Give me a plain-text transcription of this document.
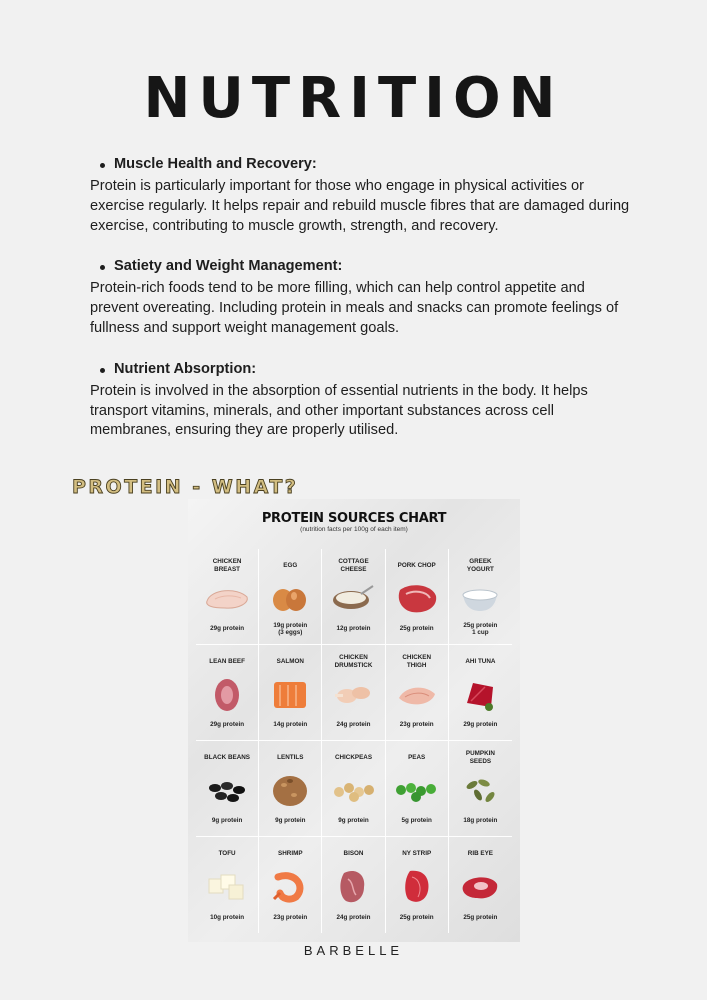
NUTRITION
Muscle Health and Recovery:
Protein is particularly important for those who engage in physical activities or exercise regularly. It helps repair and rebuild muscle fibres that are damaged during exercise, contributing to muscle growth, strength, and recovery.
Satiety and Weight Management:
Protein-rich foods tend to be more filling, which can help control appetite and prevent overeating. Including protein in meals and snacks can promote feelings of fullness and support weight management goals.
Nutrient Absorption:
Protein is involved in the absorption of essential nutrients in the body. It helps transport vitamins, minerals, and other important substances across cell membranes, ensuring they are properly utilised.
PROTEIN - WHAT?
PROTEIN SOURCES CHART
(nutrition facts per 100g of each item)
CHICKEN
BREAST
29g protein
EGG
19g protein
(3 eggs)
COTTAGE
CHEESE
12g protein
PORK CHOP
25g protein
GREEK
YOGURT
25g protein
1 cup
LEAN BEEF
29g protein
SALMON
14g protein
CHICKEN
DRUMSTICK
24g protein
CHICKEN
THIGH
23g protein
AHI TUNA
29g protein
BLACK BEANS
9g protein
LENTILS
9g protein
CHICKPEAS
9g protein
PEAS
5g protein
PUMPKIN
SEEDS
18g protein
TOFU
10g protein
SHRIMP
23g protein
BISON
24g protein
NY STRIP
25g protein
RIB EYE
25g protein
BARBELLE
